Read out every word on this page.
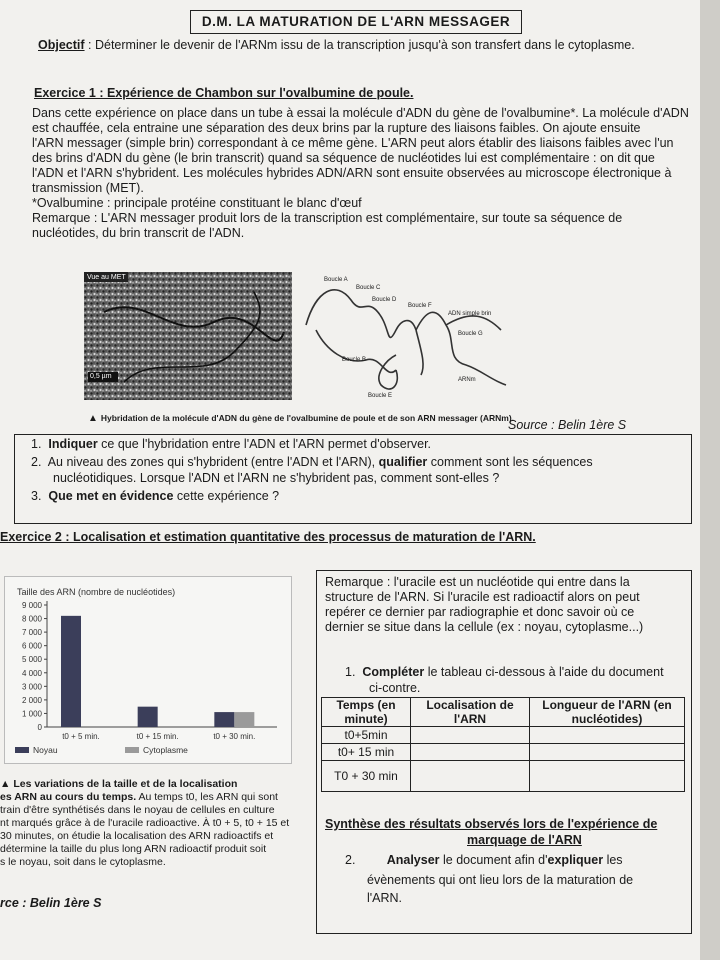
D.M. LA MATURATION DE L'ARN MESSAGER
Objectif : Déterminer le devenir de l'ARNm issu de la transcription jusqu'à son transfert dans le cytoplasme.
Exercice 1 : Expérience de Chambon sur l'ovalbumine de poule.
Dans cette expérience on place dans un tube à essai la molécule d'ADN du gène de l'ovalbumine*. La molécule d'ADN
est chauffée, cela entraine une séparation des deux brins par la rupture des liaisons faibles. On ajoute ensuite
l'ARN messager (simple brin) correspondant à ce même gène. L'ARN peut alors établir des liaisons faibles avec l'un
des brins d'ADN du gène (le brin transcrit) quand sa séquence de nucléotides lui est complémentaire : on dit que
l'ADN et l'ARN s'hybrident. Les molécules hybrides ADN/ARN sont ensuite observées au microscope électronique à
transmission (MET).
*Ovalbumine : principale protéine constituant le blanc d'œuf
Remarque : L'ARN messager produit lors de la transcription est complémentaire, sur toute sa séquence de
nucléotides, du brin transcrit de l'ADN.
Vue au MET
0,5 µm
Boucle A
Boucle C
Boucle D
Boucle F
ADN simple brin
Boucle G
Boucle B
ARNm
Boucle E
▲ Hybridation de la molécule d'ADN du gène de l'ovalbumine de poule et de son ARN messager (ARNm).
Source : Belin 1ère S
1. Indiquer ce que l'hybridation entre l'ADN et l'ARN permet d'observer.
2. Au niveau des zones qui s'hybrident (entre l'ADN et l'ARN), qualifier comment sont les séquences
nucléotidiques. Lorsque l'ADN et l'ARN ne s'hybrident pas, comment sont-elles ?
3. Que met en évidence cette expérience ?
Exercice 2 : Localisation et estimation quantitative des processus de maturation de l'ARN.
Taille des ARN (nombre de nucléotides)
9 000
8 000
7 000
6 000
5 000
4 000
3 000
2 000
1 000
0
t0 + 5 min.	t0 + 15 min.	t0 + 30 min.
Noyau	Cytoplasme
▲ Les variations de la taille et de la localisation
es ARN au cours du temps. Au temps t0, les ARN qui sont
train d'être synthétisés dans le noyau de cellules en culture
nt marqués grâce à de l'uracile radioactive. À t0 + 5, t0 + 15 et
30 minutes, on étudie la localisation des ARN radioactifs et
détermine la taille du plus long ARN radioactif produit soit
s le noyau, soit dans le cytoplasme.
rce : Belin 1ère S
Remarque : l'uracile est un nucléotide qui entre dans la
structure de l'ARN. Si l'uracile est radioactif alors on peut
repérer ce dernier par radiographie et donc savoir où ce
dernier se situe dans la cellule (ex : noyau, cytoplasme...)
1. Compléter le tableau ci-dessous à l'aide du document
ci-contre.
Temps (en minute)	Localisation de l'ARN	Longueur de l'ARN (en nucléotides)
t0+5min		
t0+ 15 min		
T0 + 30 min		
Synthèse des résultats observés lors de l'expérience de
marquage de l'ARN
2.	Analyser le document afin d'expliquer les
évènements qui ont lieu lors de la maturation de
l'ARN.
